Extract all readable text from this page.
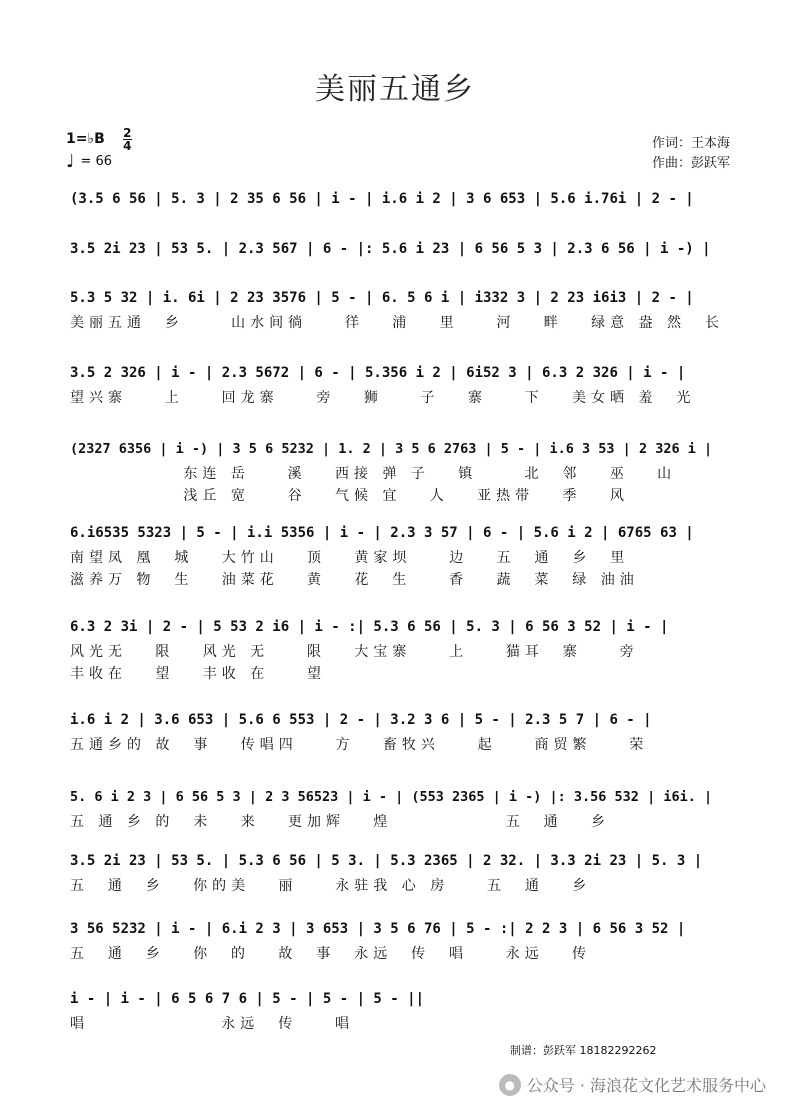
美丽五通乡
1=♭B 2
4
♩ = 66
作词：王本海
作曲：彭跃军
(3.5 6 56 | 5. 3 | 2 35 6 56 | i - | i.6 i 2 | 3 6 653 | 5.6 i.76i | 2 - |
3.5 2i 23 | 53 5. | 2.3 567 | 6 - |: 5.6 i 23 | 6 56 5 3 | 2.3 6 56 | i -) |
5.3 5 32 | i. 6i | 2 23 3576 | 5 - | 6. 5 6 i | i332 3 | 2 23 i6i3 | 2 - |
美丽五通  乡     山水间徜    徉   浦   里    河   畔   绿意 盎 然  长
3.5 2 326 | i - | 2.3 5672 | 6 - | 5.356 i 2 | 6i52 3 | 6.3 2 326 | i - |
望兴寨    上    回龙寨    旁   狮    子   寨    下   美女晒 羞  光
(2327 6356 | i -) | 3 5 6 5232 | 1. 2 | 3 5 6 2763 | 5 - | i.6 3 53 | 2 326 i |
东连 岳    溪   西接 弹 子   镇     北  邻   巫   山
浅丘 宽    谷   气候 宜   人   亚热带   季   风
6.i6535 5323 | 5 - | i.i 5356 | i - | 2.3 3 57 | 6 - | 5.6 i 2 | 6765 63 |
南望凤 凰  城   大竹山   顶   黄家坝    边   五  通  乡  里
滋养万 物  生   油菜花   黄   花  生    香   蔬  菜  绿 油油
6.3 2 3i | 2 - | 5 53 2 i6 | i - :| 5.3 6 56 | 5. 3 | 6 56 3 52 | i - |
风光无   限   风光 无    限   大宝寨    上    猫耳  寨    旁
丰收在   望   丰收 在    望
i.6 i 2 | 3.6 653 | 5.6 6 553 | 2 - | 3.2 3 6 | 5 - | 2.3 5 7 | 6 - |
五通乡的 故  事   传唱四    方   畜牧兴    起    商贸繁    荣
5. 6 i 2 3 | 6 56 5 3 | 2 3 56523 | i - | (553 2365 | i -) |: 3.56 532 | i6i. |
五 通 乡 的  未   来   更加辉   煌            五  通   乡
3.5 2i 23 | 53 5. | 5.3 6 56 | 5 3. | 5.3 2365 | 2 32. | 3.3 2i 23 | 5. 3 |
五  通  乡   你的美   丽    永驻我 心 房    五  通   乡
3 56 5232 | i - | 6.i 2 3 | 3 653 | 3 5 6 76 | 5 - :| 2 2 3 | 6 56 3 52 |
五  通  乡   你  的   故  事  永远  传  唱    永远   传
i - | i - | 6 5 6 7 6 | 5 - | 5 - | 5 - ||
唱              永远  传    唱
制谱：彭跃军 18182292262
● 公众号 · 海浪花文化艺术服务中心
